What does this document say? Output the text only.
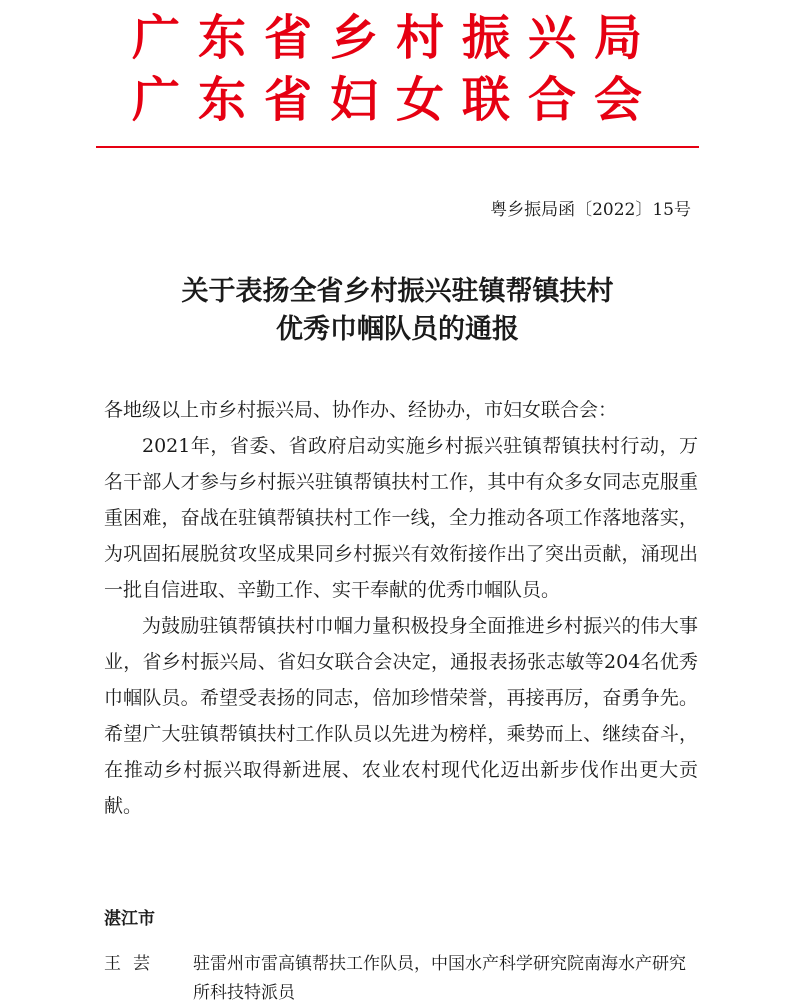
广东省乡村振兴局
广东省妇女联合会
粤乡振局函〔2022〕15号
关于表扬全省乡村振兴驻镇帮镇扶村
优秀巾帼队员的通报

各地级以上市乡村振兴局、协作办、经协办，市妇女联合会：

2021年，省委、省政府启动实施乡村振兴驻镇帮镇扶村行动，万名干部人才参与乡村振兴驻镇帮镇扶村工作，其中有众多女同志克服重重困难，奋战在驻镇帮镇扶村工作一线，全力推动各项工作落地落实，为巩固拓展脱贫攻坚成果同乡村振兴有效衔接作出了突出贡献，涌现出一批自信进取、辛勤工作、实干奉献的优秀巾帼队员。

为鼓励驻镇帮镇扶村巾帼力量积极投身全面推进乡村振兴的伟大事业，省乡村振兴局、省妇女联合会决定，通报表扬张志敏等204名优秀巾帼队员。希望受表扬的同志，倍加珍惜荣誉，再接再厉，奋勇争先。希望广大驻镇帮镇扶村工作队员以先进为榜样，乘势而上、继续奋斗，在推动乡村振兴取得新进展、农业农村现代化迈出新步伐作出更大贡献。

湛江市
王芸	驻雷州市雷高镇帮扶工作队员，中国水产科学研究院南海水产研究所科技特派员
